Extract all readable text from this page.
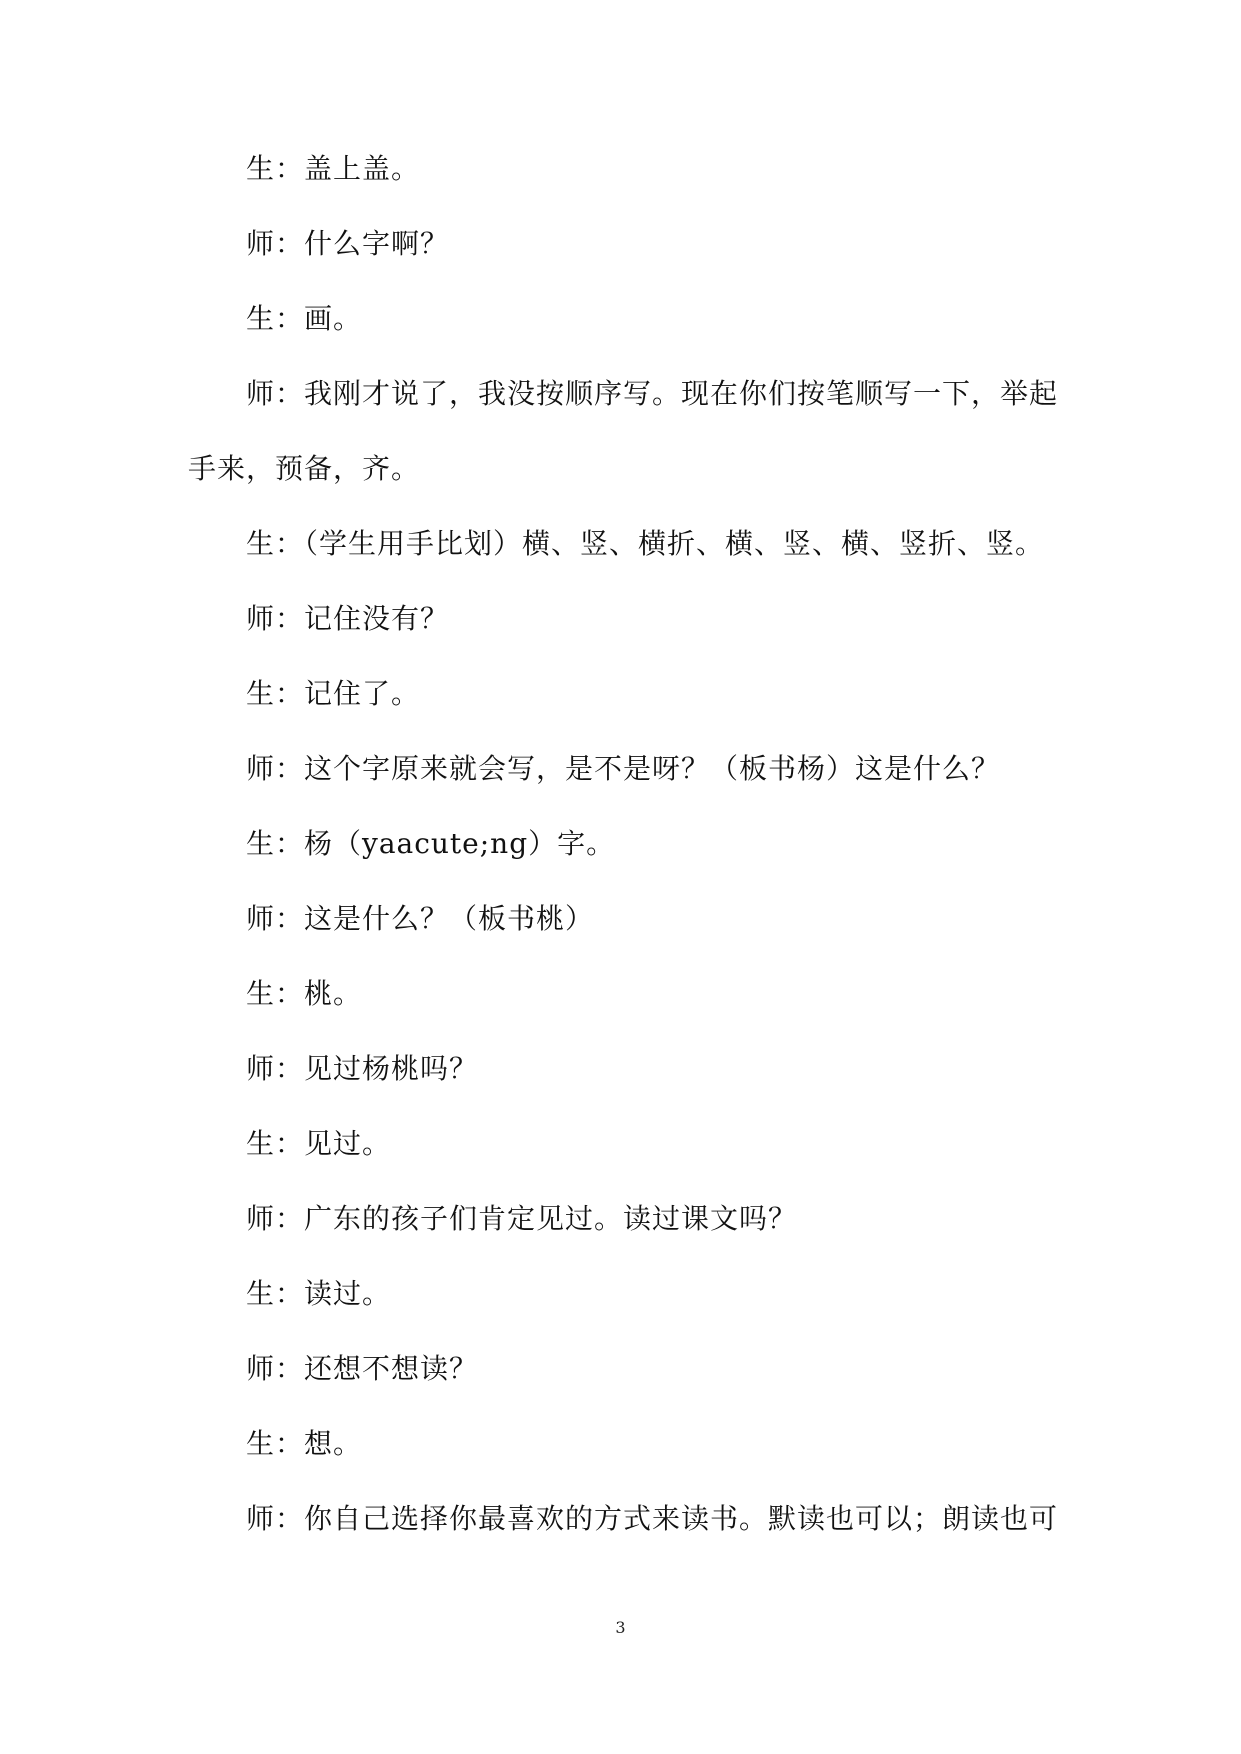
生：盖上盖。
师：什么字啊？
生：画。
师：我刚才说了，我没按顺序写。现在你们按笔顺写一下，举起
手来，预备，齐。
生：（学生用手比划）横、竖、横折、横、竖、横、竖折、竖。
师：记住没有？
生：记住了。
师：这个字原来就会写，是不是呀？（板书杨）这是什么？
生：杨（yaacute;ng）字。
师：这是什么？（板书桃）
生：桃。
师：见过杨桃吗？
生：见过。
师：广东的孩子们肯定见过。读过课文吗？
生：读过。
师：还想不想读？
生：想。
师：你自己选择你最喜欢的方式来读书。默读也可以；朗读也可
3
